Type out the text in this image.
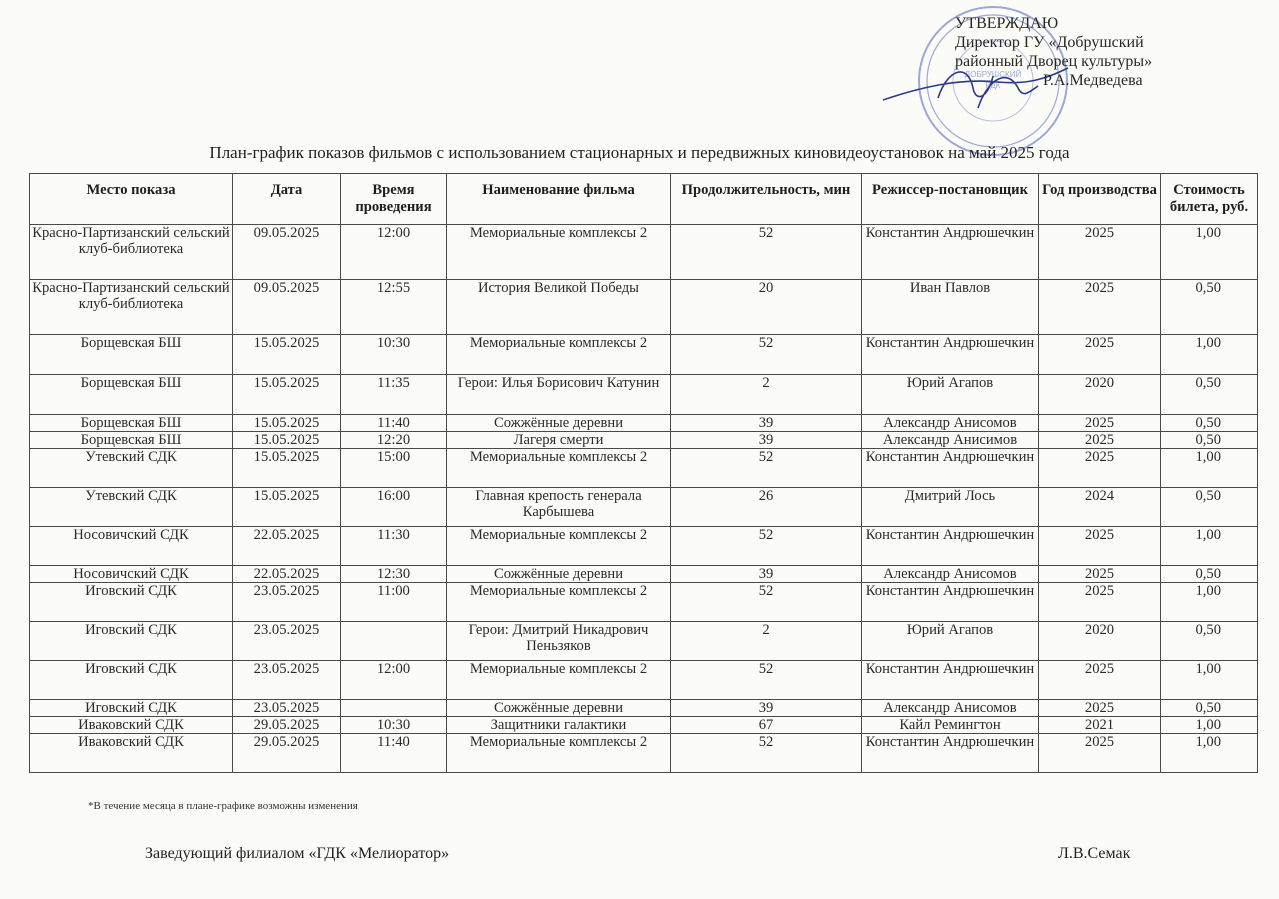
ДОБРУШСКИЙ
РДК
УТВЕРЖДАЮ
Директор ГУ «Добрушский
районный Дворец культуры»
Р.А.Медведева
План-график показов фильмов с использованием стационарных и передвижных киновидеоустановок на май 2025 года
Место показа	Дата	Время проведения	Наименование фильма	Продолжительность, мин	Режиссер-постановщик	Год производства	Стоимость билета, руб.
Красно-Партизанский сельский клуб-библиотека	09.05.2025	12:00	Мемориальные комплексы 2	52	Константин Андрюшечкин	2025	1,00
Красно-Партизанский сельский клуб-библиотека	09.05.2025	12:55	История Великой Победы	20	Иван Павлов	2025	0,50
Борщевская БШ	15.05.2025	10:30	Мемориальные комплексы 2	52	Константин Андрюшечкин	2025	1,00
Борщевская БШ	15.05.2025	11:35	Герои: Илья Борисович Катунин	2	Юрий Агапов	2020	0,50
Борщевская БШ	15.05.2025	11:40	Сожжённые деревни	39	Александр Анисомов	2025	0,50
Борщевская БШ	15.05.2025	12:20	Лагеря смерти	39	Александр Анисимов	2025	0,50
Утевский СДК	15.05.2025	15:00	Мемориальные комплексы 2	52	Константин Андрюшечкин	2025	1,00
Утевский СДК	15.05.2025	16:00	Главная крепость генерала Карбышева	26	Дмитрий Лось	2024	0,50
Носовичский СДК	22.05.2025	11:30	Мемориальные комплексы 2	52	Константин Андрюшечкин	2025	1,00
Носовичский СДК	22.05.2025	12:30	Сожжённые деревни	39	Александр Анисомов	2025	0,50
Иговский СДК	23.05.2025	11:00	Мемориальные комплексы 2	52	Константин Андрюшечкин	2025	1,00
Иговский СДК	23.05.2025		Герои: Дмитрий Никадрович Пеньзяков	2	Юрий Агапов	2020	0,50
Иговский СДК	23.05.2025	12:00	Мемориальные комплексы 2	52	Константин Андрюшечкин	2025	1,00
Иговский СДК	23.05.2025		Сожжённые деревни	39	Александр Анисомов	2025	0,50
Иваковский СДК	29.05.2025	10:30	Защитники галактики	67	Кайл Ремингтон	2021	1,00
Иваковский СДК	29.05.2025	11:40	Мемориальные комплексы 2	52	Константин Андрюшечкин	2025	1,00
*В течение месяца в плане-графике возможны изменения
Заведующий филиалом «ГДК «Мелиоратор»	Л.В.Семак
